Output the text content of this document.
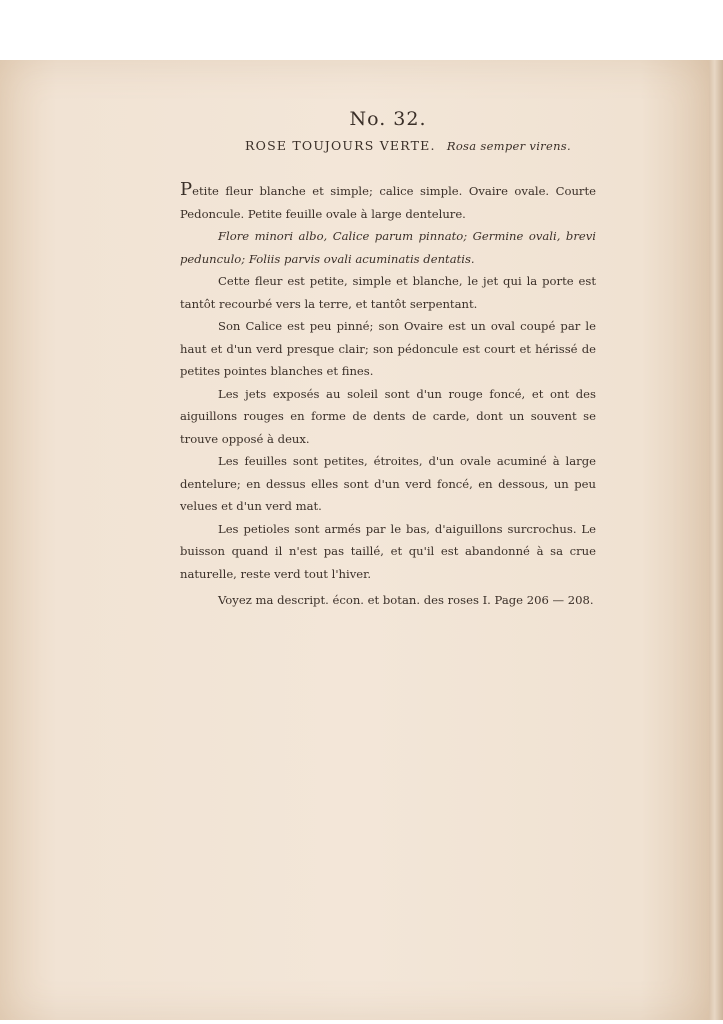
No. 32.
ROSE TOUJOURS VERTE. Rosa semper virens.

Petite fleur blanche et simple; calice simple. Ovaire ovale. Courte Pedoncule. Petite feuille ovale à large dentelure.

Flore minori albo, Calice parum pinnato; Germine ovali, brevi pedunculo; Foliis parvis ovali acuminatis dentatis.

Cette fleur est petite, simple et blanche, le jet qui la porte est tantôt recourbé vers la terre, et tantôt serpentant.

Son Calice est peu pinné; son Ovaire est un oval coupé par le haut et d'un verd presque clair; son pédoncule est court et hérissé de petites pointes blanches et fines.

Les jets exposés au soleil sont d'un rouge foncé, et ont des aiguillons rouges en forme de dents de carde, dont un souvent se trouve opposé à deux.

Les feuilles sont petites, étroites, d'un ovale acuminé à large dentelure; en dessus elles sont d'un verd foncé, en dessous, un peu velues et d'un verd mat.

Les petioles sont armés par le bas, d'aiguillons surcrochus. Le buisson quand il n'est pas taillé, et qu'il est abandonné à sa crue naturelle, reste verd tout l'hiver.

Voyez ma descript. écon. et botan. des roses I. Page 206 — 208.
